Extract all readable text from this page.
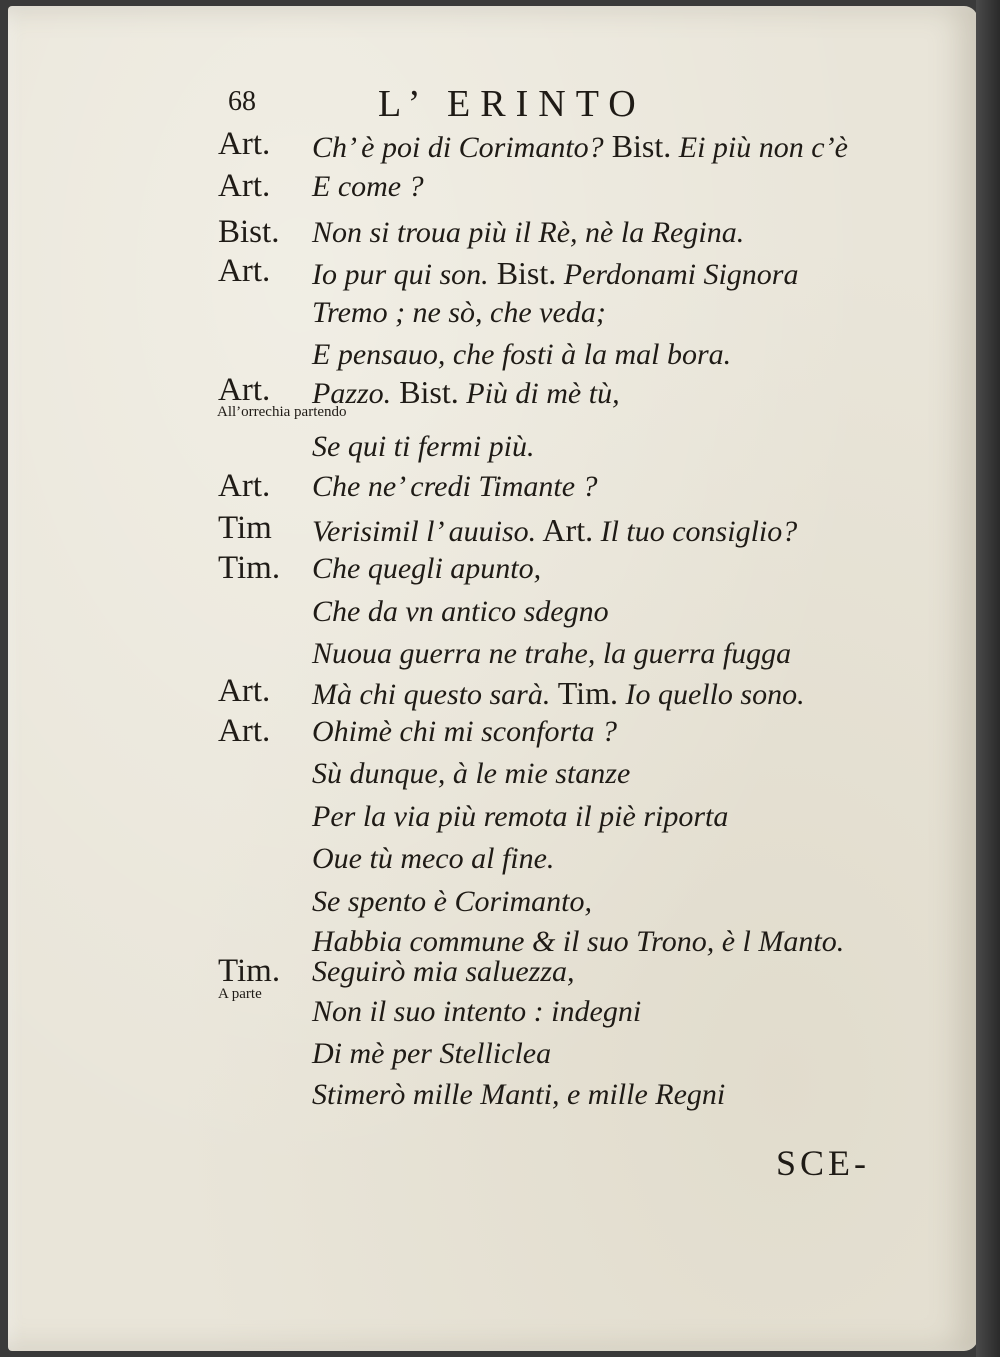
68	L’ ERINTO
Art. Ch’ è poi di Corimanto? Bist. Ei più non c’è
Art. E come ?
Bist. Non si troua più il Rè, nè la Regina.
Art. Io pur qui son. Bist. Perdonami Signora
Tremo ; ne sò, che veda;
E pensauo, che fosti à la mal bora.
Art. Pazzo. Bist. Più di mè tù,
Se qui ti fermi più.
Art. Che ne’ credi Timante ?
Tim Verisimil l’ auuiso. Art. Il tuo consiglio?
Tim. Che quegli apunto,
Che da vn antico sdegno
Nuoua guerra ne trahe, la guerra fugga
Art. Mà chi questo sarà. Tim. Io quello sono.
Art. Ohimè chi mi sconforta ?
Sù dunque, à le mie stanze
Per la via più remota il piè riporta
Oue tù meco al fine.
Se spento è Corimanto,
Habbia commune & il suo Trono, è l Manto.
Tim. Seguirò mia saluezza,
Non il suo intento : indegni
Di mè per Stelliclea
Stimerò mille Manti, e mille Regni
All’orrechia partendo
A parte
SCE-
